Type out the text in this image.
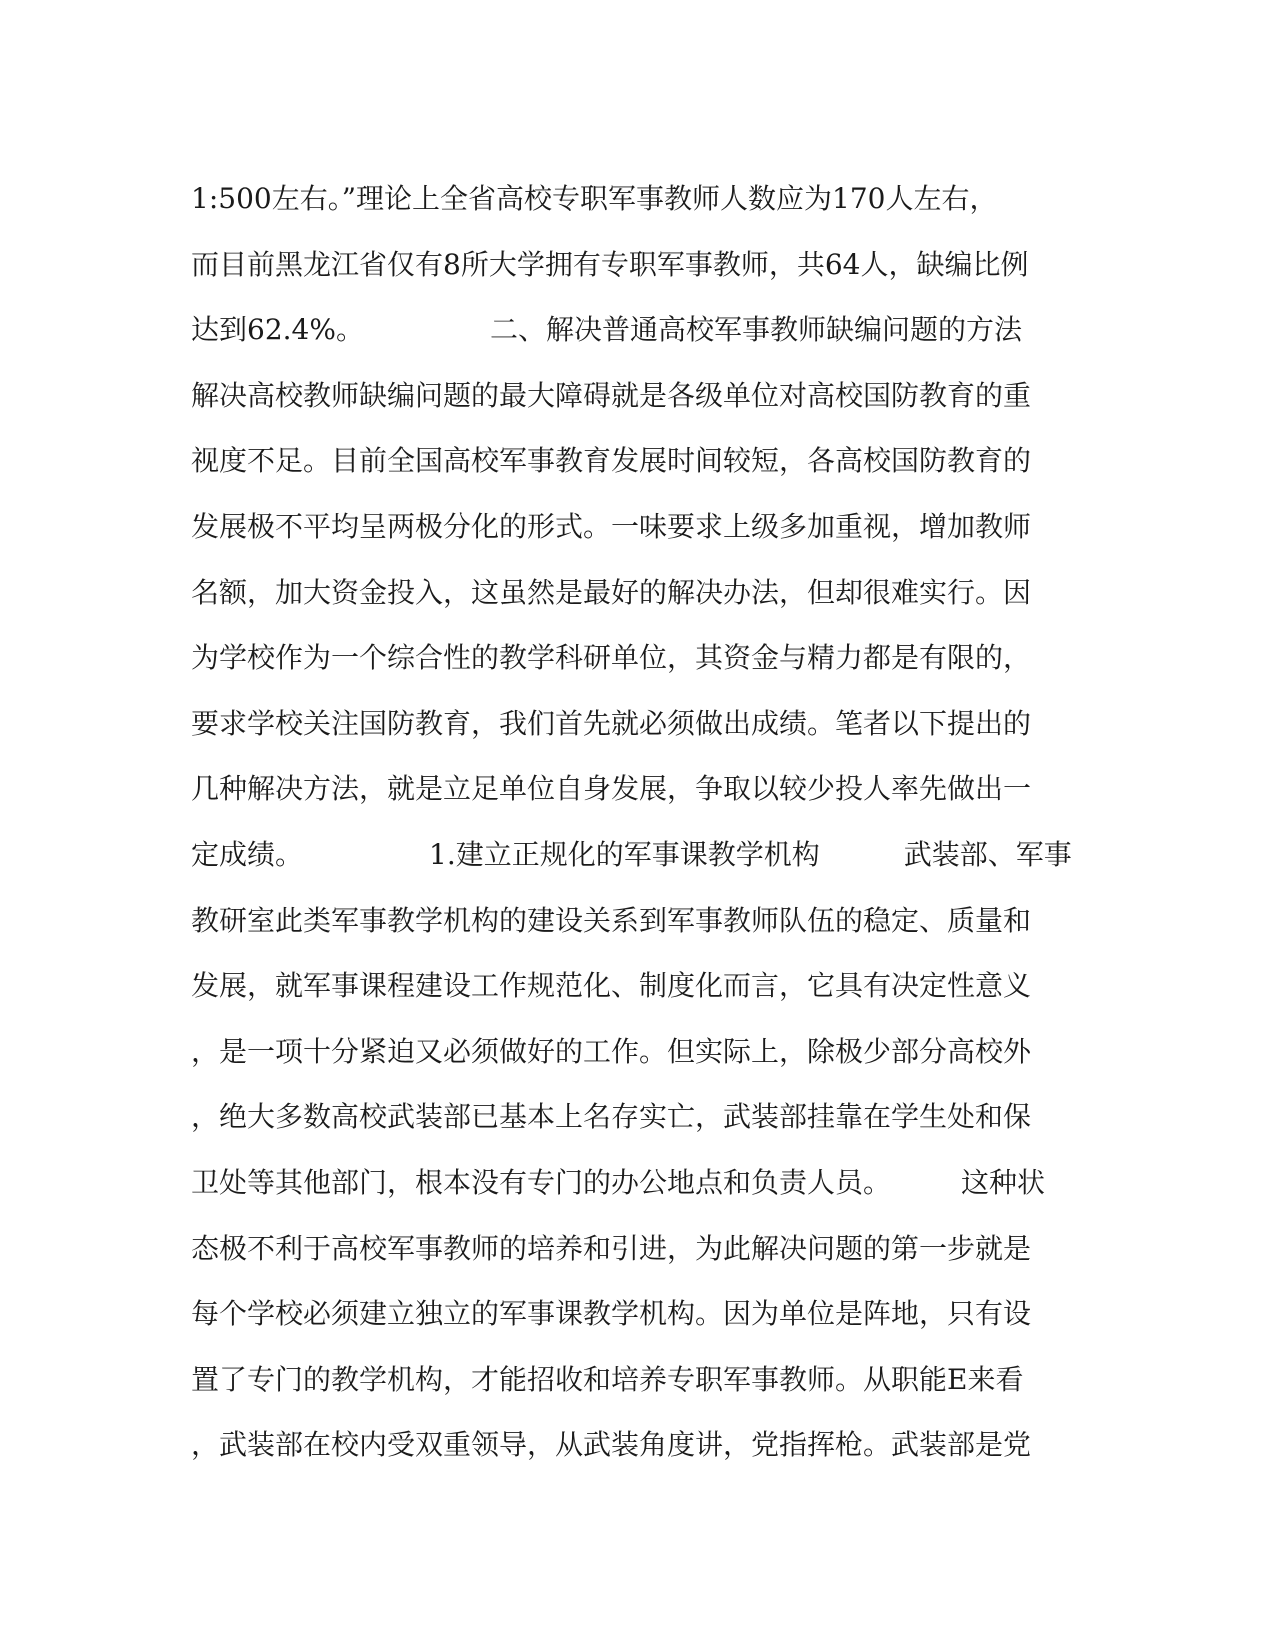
1:500左右。”理论上全省高校专职军事教师人数应为170人左右，
而目前黑龙江省仅有8所大学拥有专职军事教师，共64人，缺编比例
达到62.4%。　　　　　二、解决普通高校军事教师缺编问题的方法
解决高校教师缺编问题的最大障碍就是各级单位对高校国防教育的重
视度不足。目前全国高校军事教育发展时间较短，各高校国防教育的
发展极不平均呈两极分化的形式。一味要求上级多加重视，增加教师
名额，加大资金投入，这虽然是最好的解决办法，但却很难实行。因
为学校作为一个综合性的教学科研单位，其资金与精力都是有限的，
要求学校关注国防教育，我们首先就必须做出成绩。笔者以下提出的
几种解决方法，就是立足单位自身发展，争取以较少投人率先做出一
定成绩。　　　　　1.建立正规化的军事课教学机构　　　武装部、军事
教研室此类军事教学机构的建设关系到军事教师队伍的稳定、质量和
发展，就军事课程建设工作规范化、制度化而言，它具有决定性意义
，是一项十分紧迫又必须做好的工作。但实际上，除极少部分高校外
，绝大多数高校武装部已基本上名存实亡，武装部挂靠在学生处和保
卫处等其他部门，根本没有专门的办公地点和负责人员。　　　这种状
态极不利于高校军事教师的培养和引进，为此解决问题的第一步就是
每个学校必须建立独立的军事课教学机构。因为单位是阵地，只有设
置了专门的教学机构，才能招收和培养专职军事教师。从职能E来看
，武装部在校内受双重领导，从武装角度讲，党指挥枪。武装部是党
